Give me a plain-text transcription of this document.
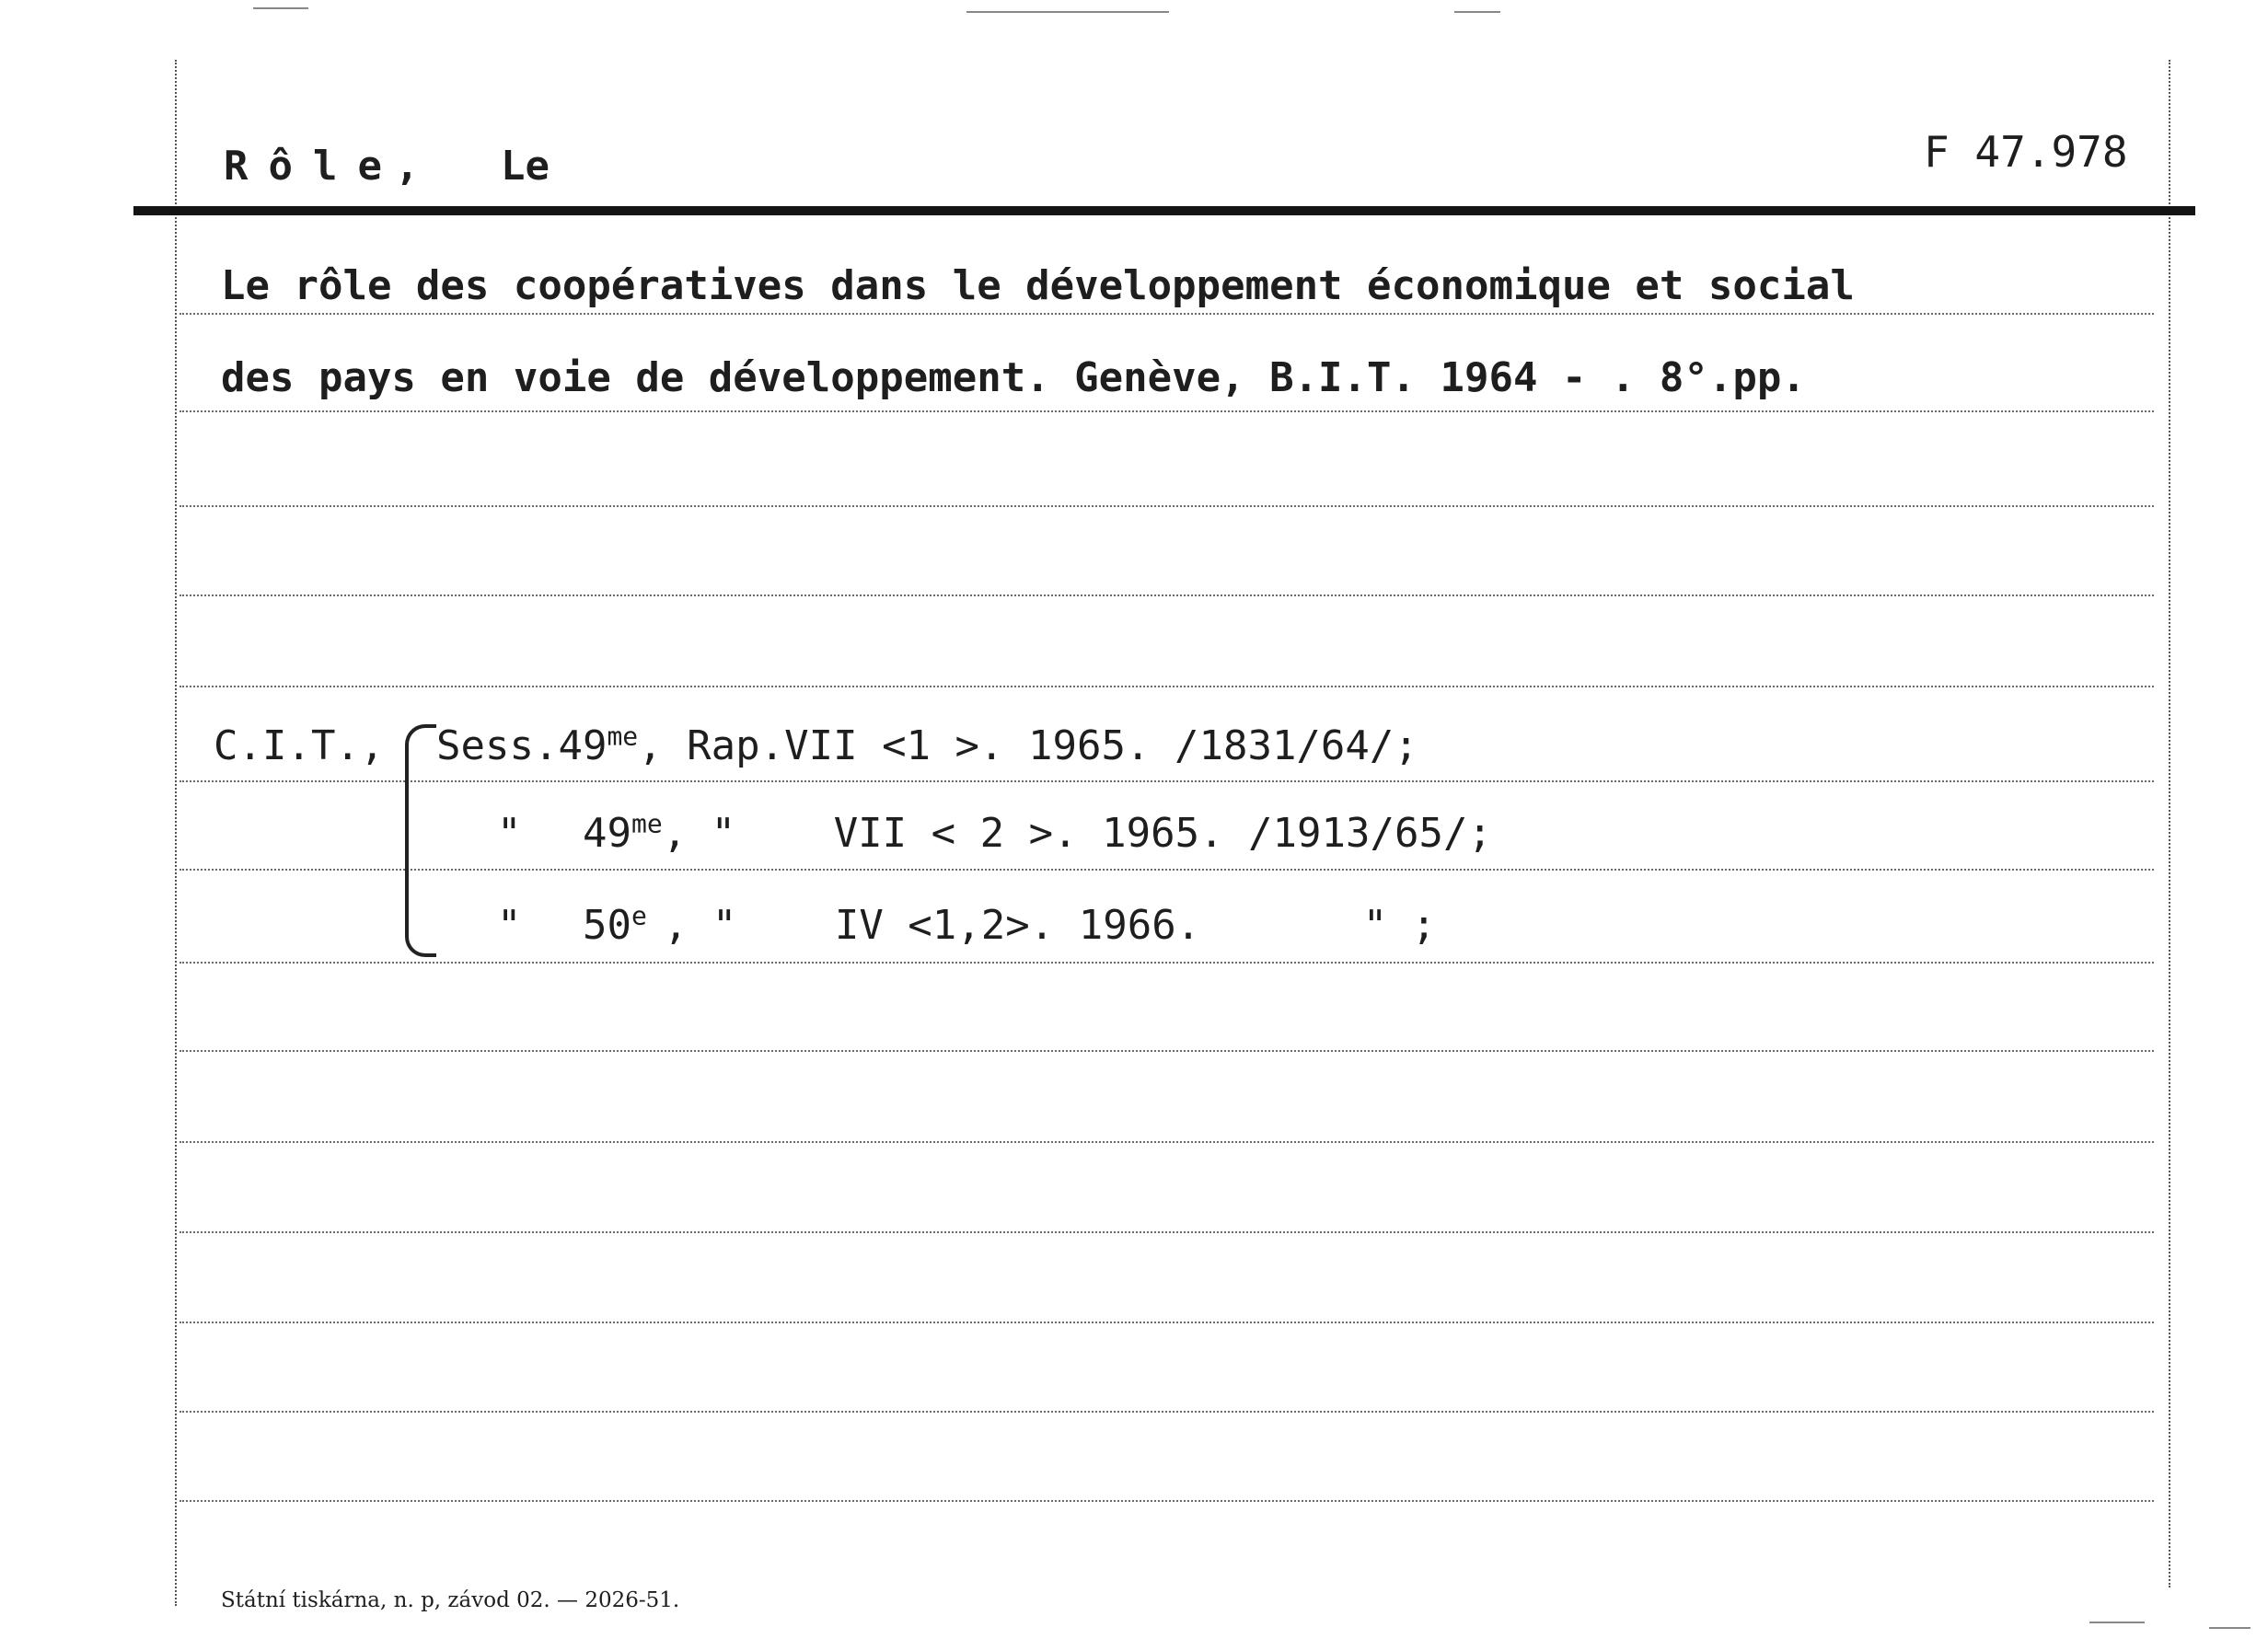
Rôle, Le	F 47.978
Le rôle des coopératives dans le développement économique et social
des pays en voie de développement. Genève, B.I.T. 1964 - . 8°.pp.
C.I.T., $Sess.49^{me}$, Rap.VII <1 >. 1965. /1831/64/;
" $49^{me}$, " VII < 2 >. 1965. /1913/65/;
" 50e , " IV <1,2>. 1966.	" ;
Státní tiskárna, n. p, závod 02. — 2026-51.
